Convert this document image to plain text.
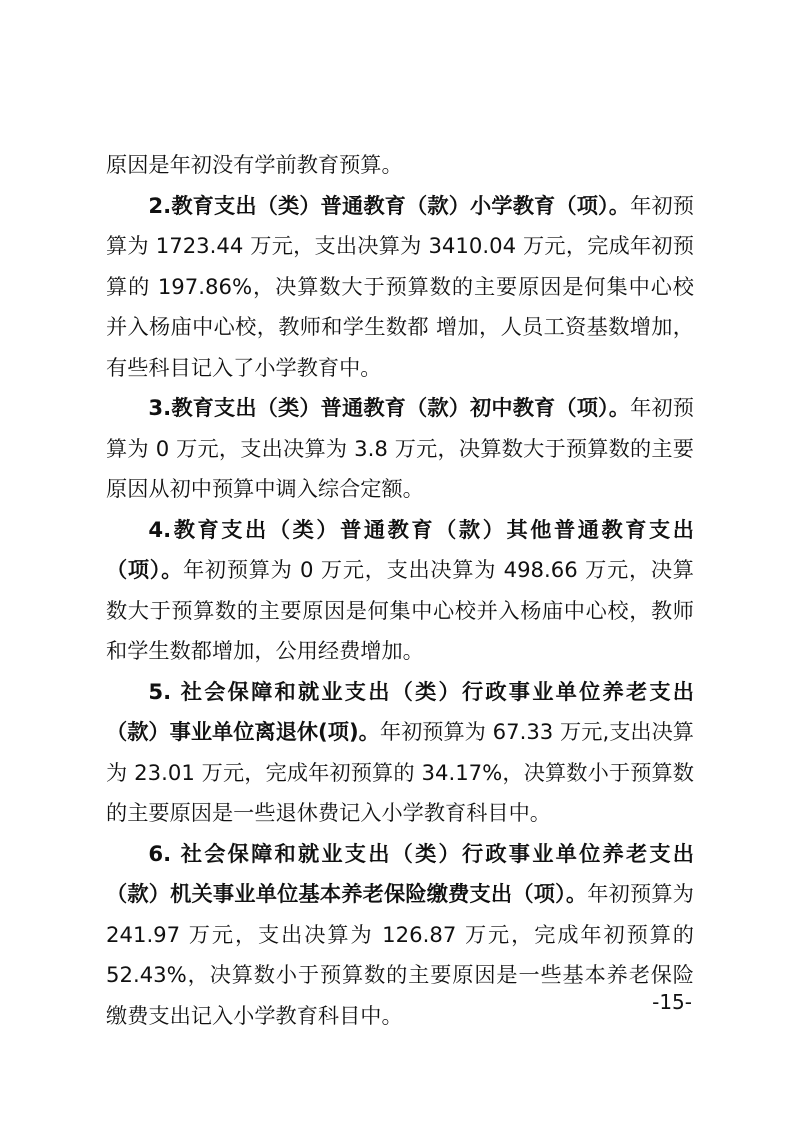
原因是年初没有学前教育预算。

2.教育支出（类）普通教育（款）小学教育（项）。年初预算为 1723.44 万元，支出决算为 3410.04 万元，完成年初预算的 197.86%，决算数大于预算数的主要原因是何集中心校并入杨庙中心校，教师和学生数都 增加，人员工资基数增加，有些科目记入了小学教育中。

3.教育支出（类）普通教育（款）初中教育（项）。年初预算为 0 万元，支出决算为 3.8 万元，决算数大于预算数的主要原因从初中预算中调入综合定额。

4.教育支出（类）普通教育（款）其他普通教育支出（项）。年初预算为 0 万元，支出决算为 498.66 万元，决算数大于预算数的主要原因是何集中心校并入杨庙中心校，教师和学生数都增加，公用经费增加。

5. 社会保障和就业支出（类）行政事业单位养老支出（款）事业单位离退休(项)。年初预算为 67.33 万元,支出决算为 23.01 万元，完成年初预算的 34.17%，决算数小于预算数的主要原因是一些退休费记入小学教育科目中。

6. 社会保障和就业支出（类）行政事业单位养老支出（款）机关事业单位基本养老保险缴费支出（项）。年初预算为 241.97 万元，支出决算为 126.87 万元，完成年初预算的 52.43%，决算数小于预算数的主要原因是一些基本养老保险缴费支出记入小学教育科目中。

-15-
